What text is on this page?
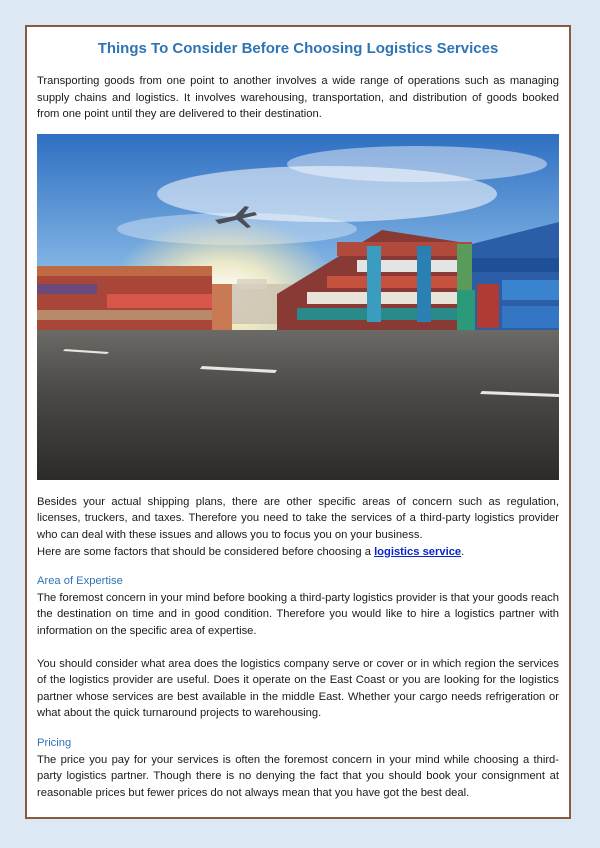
Things To Consider Before Choosing Logistics Services

Transporting goods from one point to another involves a wide range of operations such as managing supply chains and logistics. It involves warehousing, transportation, and distribution of goods booked from one point until they are delivered to their destination.

Besides your actual shipping plans, there are other specific areas of concern such as regulation, licenses, truckers, and taxes. Therefore you need to take the services of a third-party logistics provider who can deal with these issues and allows you to focus you on your business.

Here are some factors that should be considered before choosing a logistics service.

Area of Expertise

The foremost concern in your mind before booking a third-party logistics provider is that your goods reach the destination on time and in good condition. Therefore you would like to hire a logistics partner with information on the specific area of expertise.

You should consider what area does the logistics company serve or cover or in which region the services of the logistics provider are useful. Does it operate on the East Coast or you are looking for the logistics partner whose services are best available in the middle East. Whether your cargo needs refrigeration or what about the quick turnaround projects to warehousing.

Pricing

The price you pay for your services is often the foremost concern in your mind while choosing a third-party logistics partner. Though there is no denying the fact that you should book your consignment at reasonable prices but fewer prices do not always mean that you have got the best deal.
